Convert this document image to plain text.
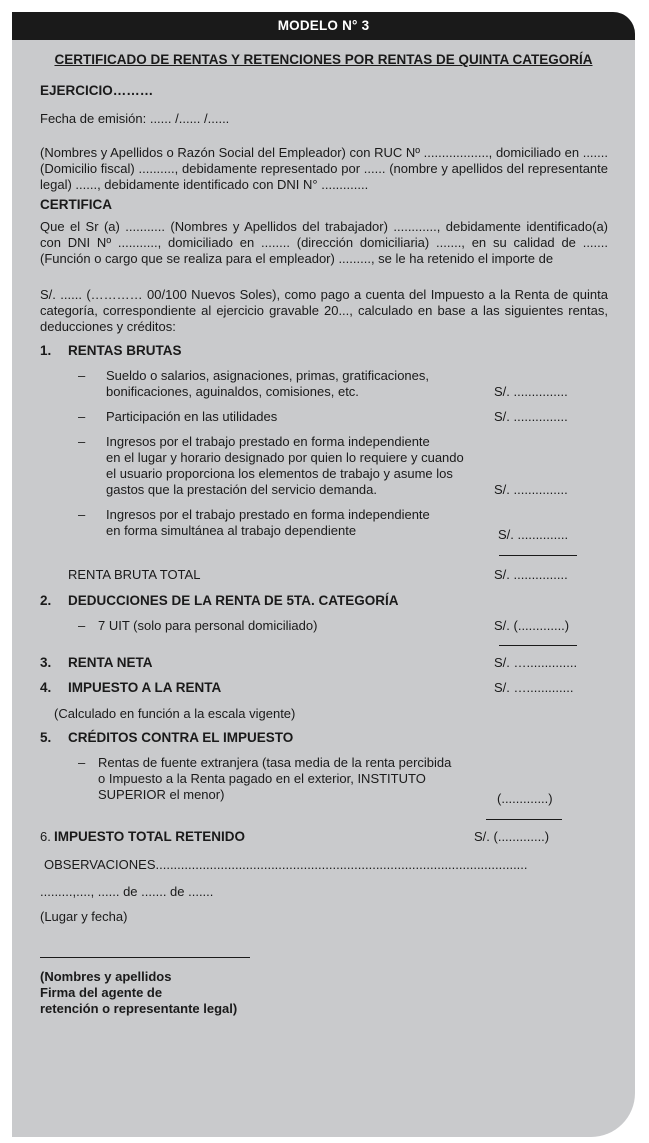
MODELO N° 3
CERTIFICADO DE RENTAS Y RETENCIONES POR RENTAS DE QUINTA CATEGORÍA
EJERCICIO………
Fecha de emisión: ...... /...... /......
(Nombres y Apellidos o Razón Social del Empleador) con RUC Nº .................., domiciliado en ....... (Domicilio fiscal) .........., debidamente representado por ...... (nombre y apellidos del representante legal) ......, debidamente identificado con DNI N° .............
CERTIFICA
Que el Sr (a) ........... (Nombres y Apellidos del trabajador) ............, debidamente identificado(a) con DNI Nº ..........., domiciliado en ........ (dirección domiciliaria) ......., en su calidad de ....... (Función o cargo que se realiza para el empleador) ........., se le ha retenido el importe de
S/. ...... (………… 00/100 Nuevos Soles), como pago a cuenta del Impuesto a la Renta de quinta categoría, correspondiente al ejercicio gravable 20..., calculado en base a las siguientes rentas, deducciones y créditos:
1. RENTAS BRUTAS
– Sueldo o salarios, asignaciones, primas, gratificaciones,
bonificaciones, aguinaldos, comisiones, etc.	S/. ...............
– Participación en las utilidades	S/. ...............
– Ingresos por el trabajo prestado en forma independiente
en el lugar y horario designado por quien lo requiere y cuando
el usuario proporciona los elementos de trabajo y asume los
gastos que la prestación del servicio demanda.	S/. ...............
– Ingresos por el trabajo prestado en forma independiente
en forma simultánea al trabajo dependiente	S/. ..............
RENTA BRUTA TOTAL	S/. ...............
2. DEDUCCIONES DE LA RENTA DE 5TA. CATEGORÍA
– 7 UIT (solo para personal domiciliado)	S/. (.............)
3. RENTA NETA	S/. …..............
4. IMPUESTO A LA RENTA	S/. ….............
(Calculado en función a la escala vigente)
5. CRÉDITOS CONTRA EL IMPUESTO
– Rentas de fuente extranjera (tasa media de la renta percibida
o Impuesto a la Renta pagado en el exterior, INSTITUTO
SUPERIOR el menor)	(.............)
6. IMPUESTO TOTAL RETENIDO	S/. (.............)
OBSERVACIONES.......................................................................................................
.........,...., ...... de ....... de .......
(Lugar y fecha)
(Nombres y apellidos
Firma del agente de
retención o representante legal)
